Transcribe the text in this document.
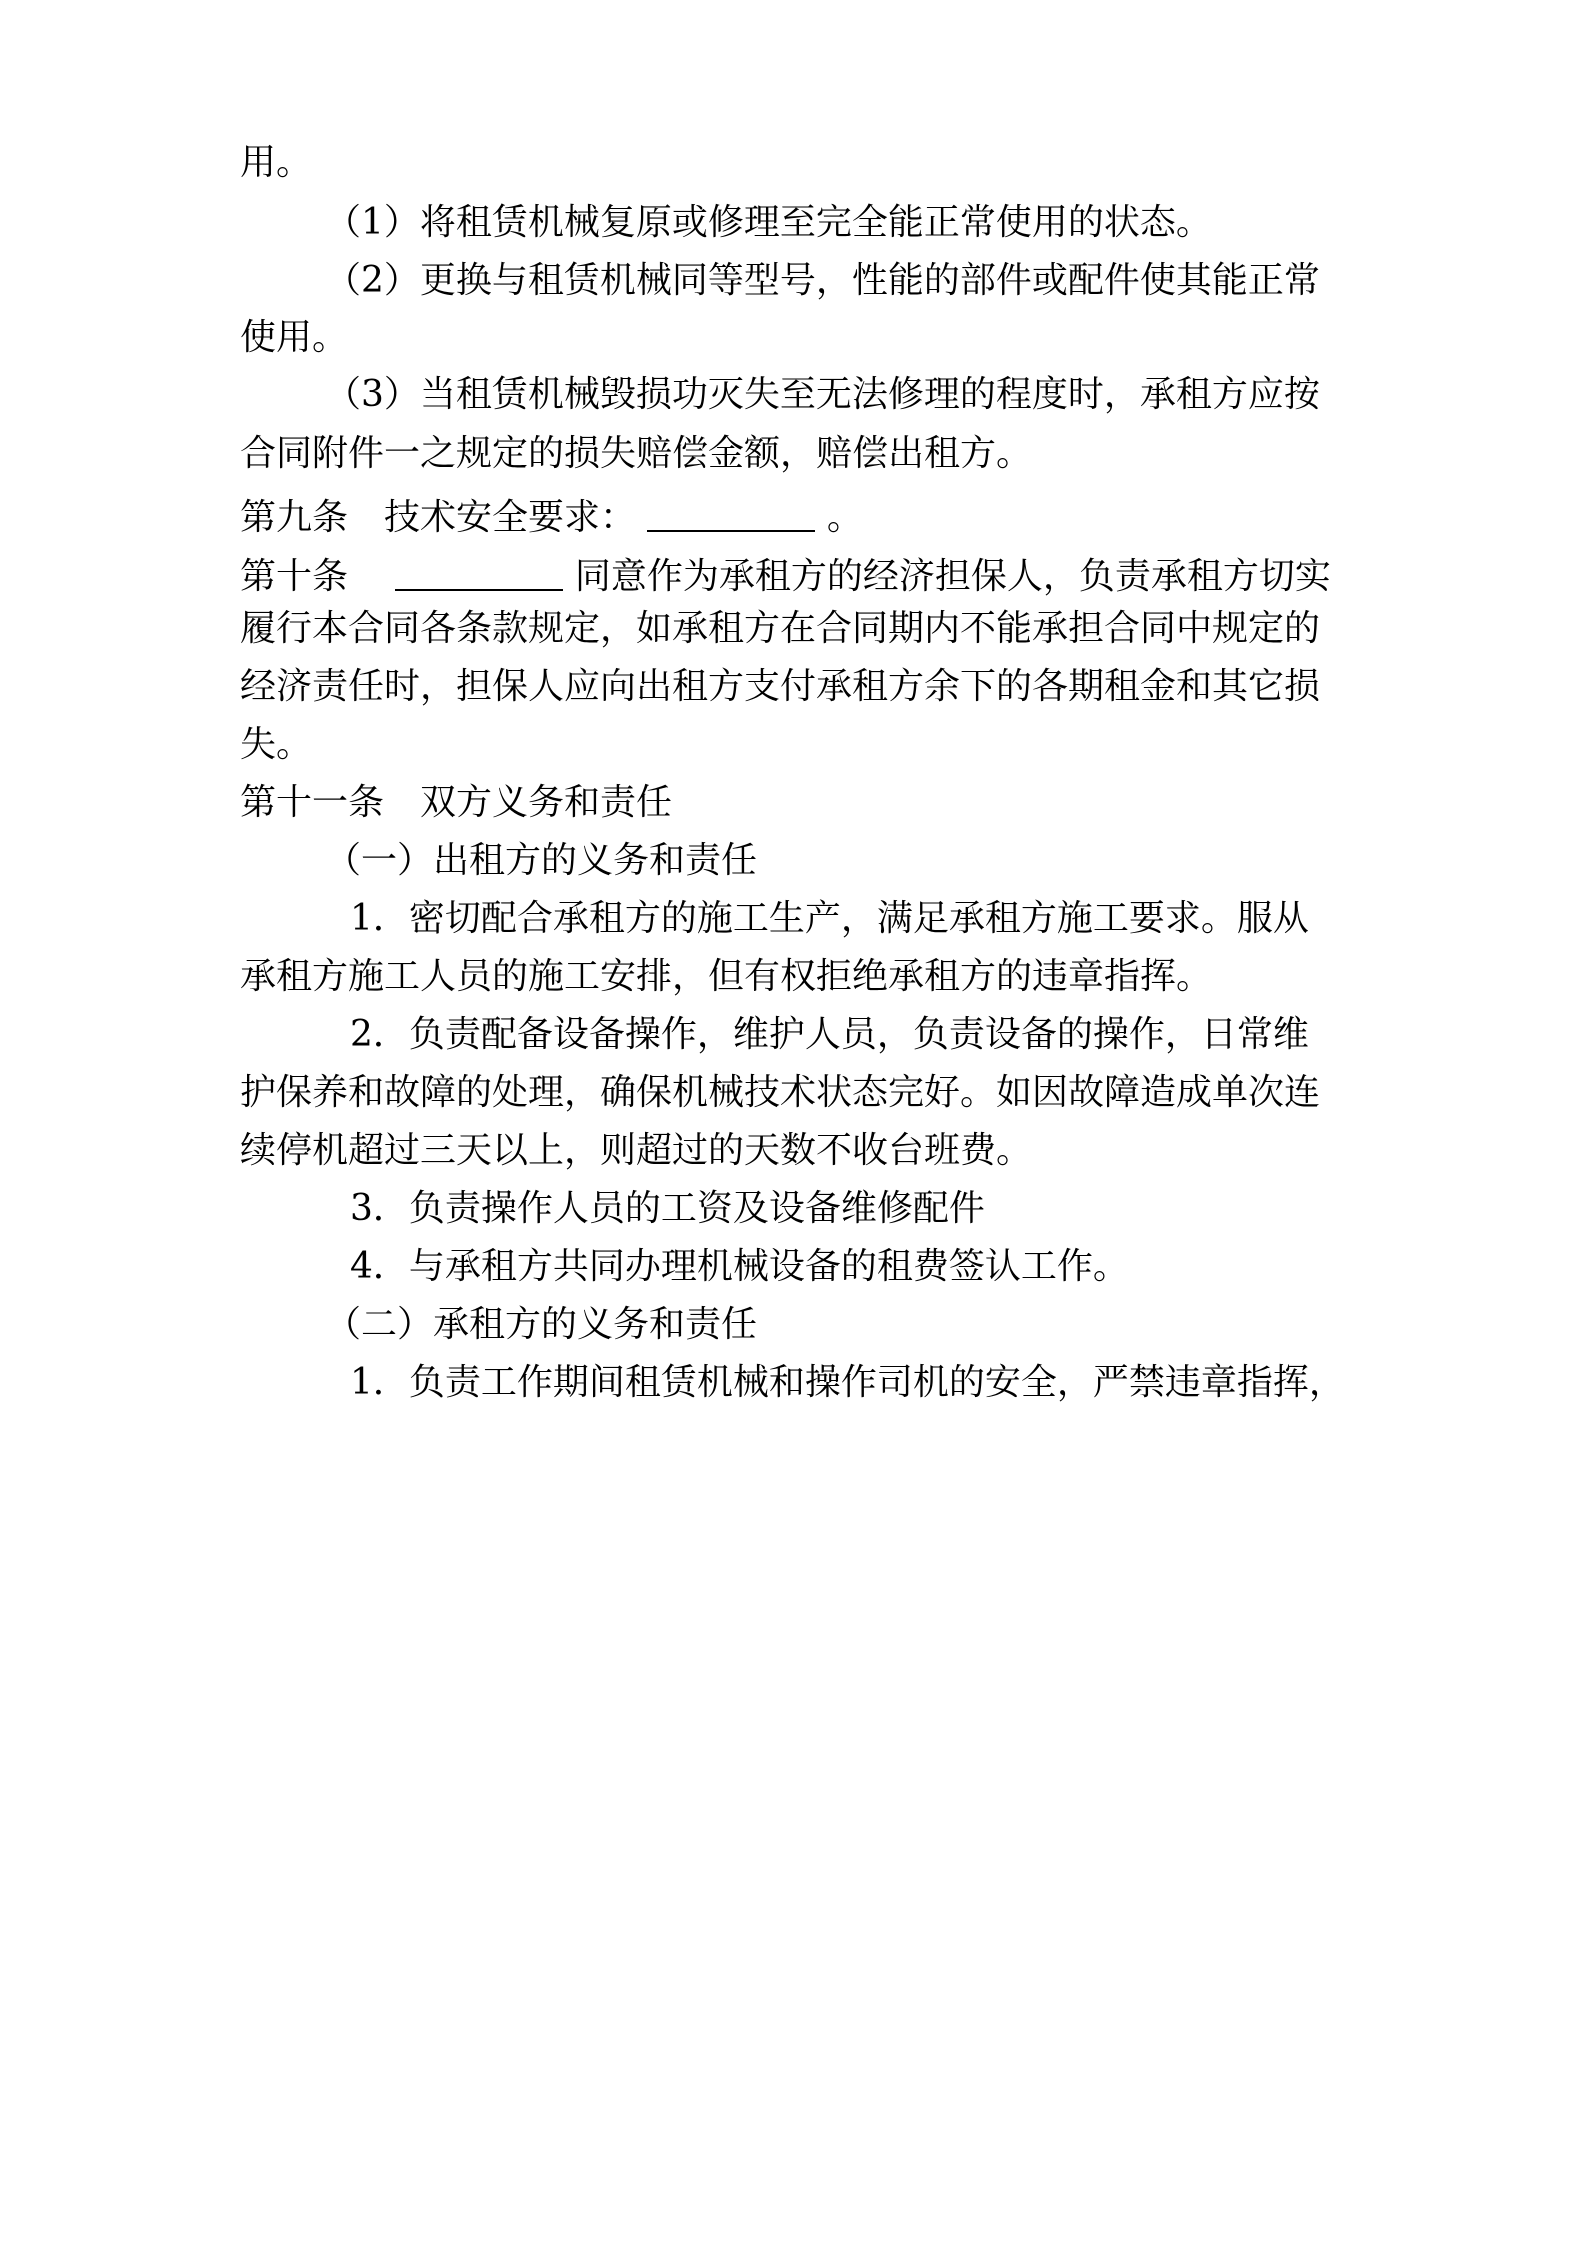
用。
（1）将租赁机械复原或修理至完全能正常使用的状态。
（2）更换与租赁机械同等型号，性能的部件或配件使其能正常
使用。
（3）当租赁机械毁损功灭失至无法修理的程度时，承租方应按
合同附件一之规定的损失赔偿金额，赔偿出租方。
第九条　技术安全要求：	。
第十条　	同意作为承租方的经济担保人，负责承租方切实
履行本合同各条款规定，如承租方在合同期内不能承担合同中规定的
经济责任时，担保人应向出租方支付承租方余下的各期租金和其它损
失。
第十一条　双方义务和责任
（一）出租方的义务和责任
1．密切配合承租方的施工生产，满足承租方施工要求。服从
承租方施工人员的施工安排，但有权拒绝承租方的违章指挥。
2．负责配备设备操作，维护人员，负责设备的操作，日常维
护保养和故障的处理，确保机械技术状态完好。如因故障造成单次连
续停机超过三天以上，则超过的天数不收台班费。
3．负责操作人员的工资及设备维修配件
4．与承租方共同办理机械设备的租费签认工作。
（二）承租方的义务和责任
1．负责工作期间租赁机械和操作司机的安全，严禁违章指挥，
